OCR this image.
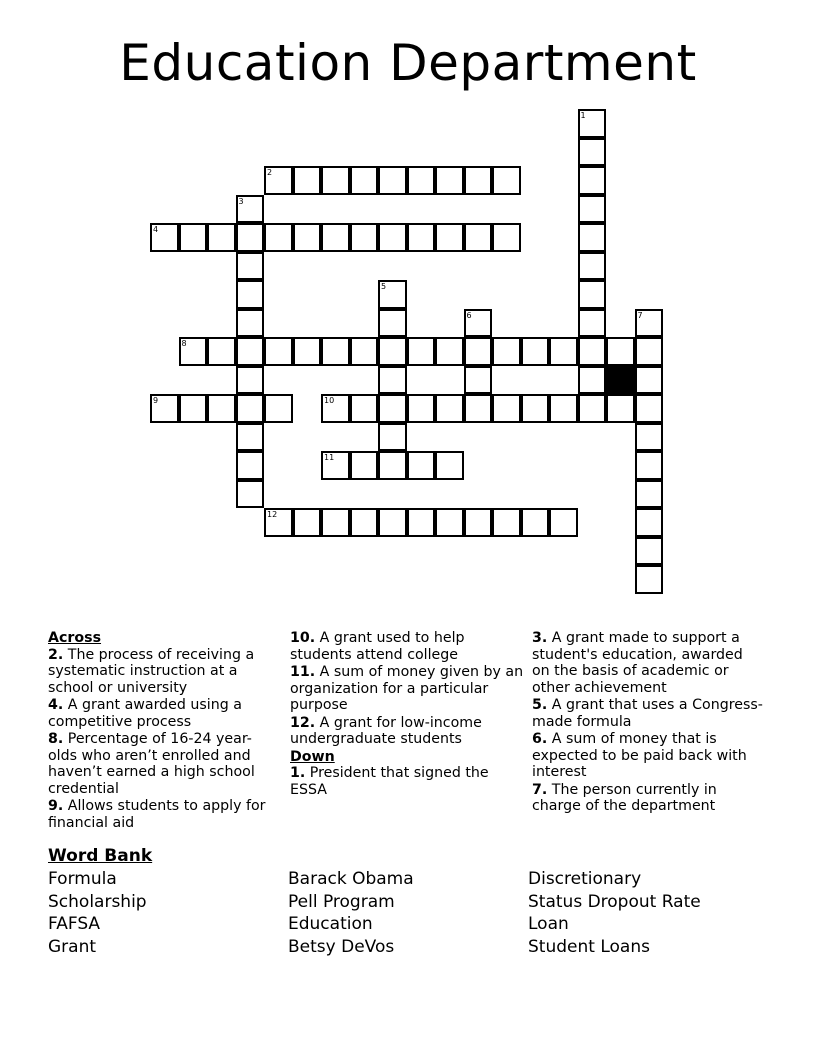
Education Department
1
2
3
4
5
6	7
8
9	10
11
12
Across
2. The process of receiving a systematic instruction at a school or university
4. A grant awarded using a competitive process
8. Percentage of 16-24 year-olds who aren’t enrolled and haven’t earned a high school credential
9. Allows students to apply for financial aid
10. A grant used to help students attend college
11. A sum of money given by an organization for a particular purpose
12. A grant for low-income undergraduate students
Down
1. President that signed the ESSA
3. A grant made to support a student's education, awarded on the basis of academic or other achievement
5. A grant that uses a Congress-made formula
6. A sum of money that is expected to be paid back with interest
7. The person currently in charge of the department
Word Bank
Formula
Scholarship
FAFSA
Grant
Barack Obama
Pell Program
Education
Betsy DeVos
Discretionary
Status Dropout Rate
Loan
Student Loans
